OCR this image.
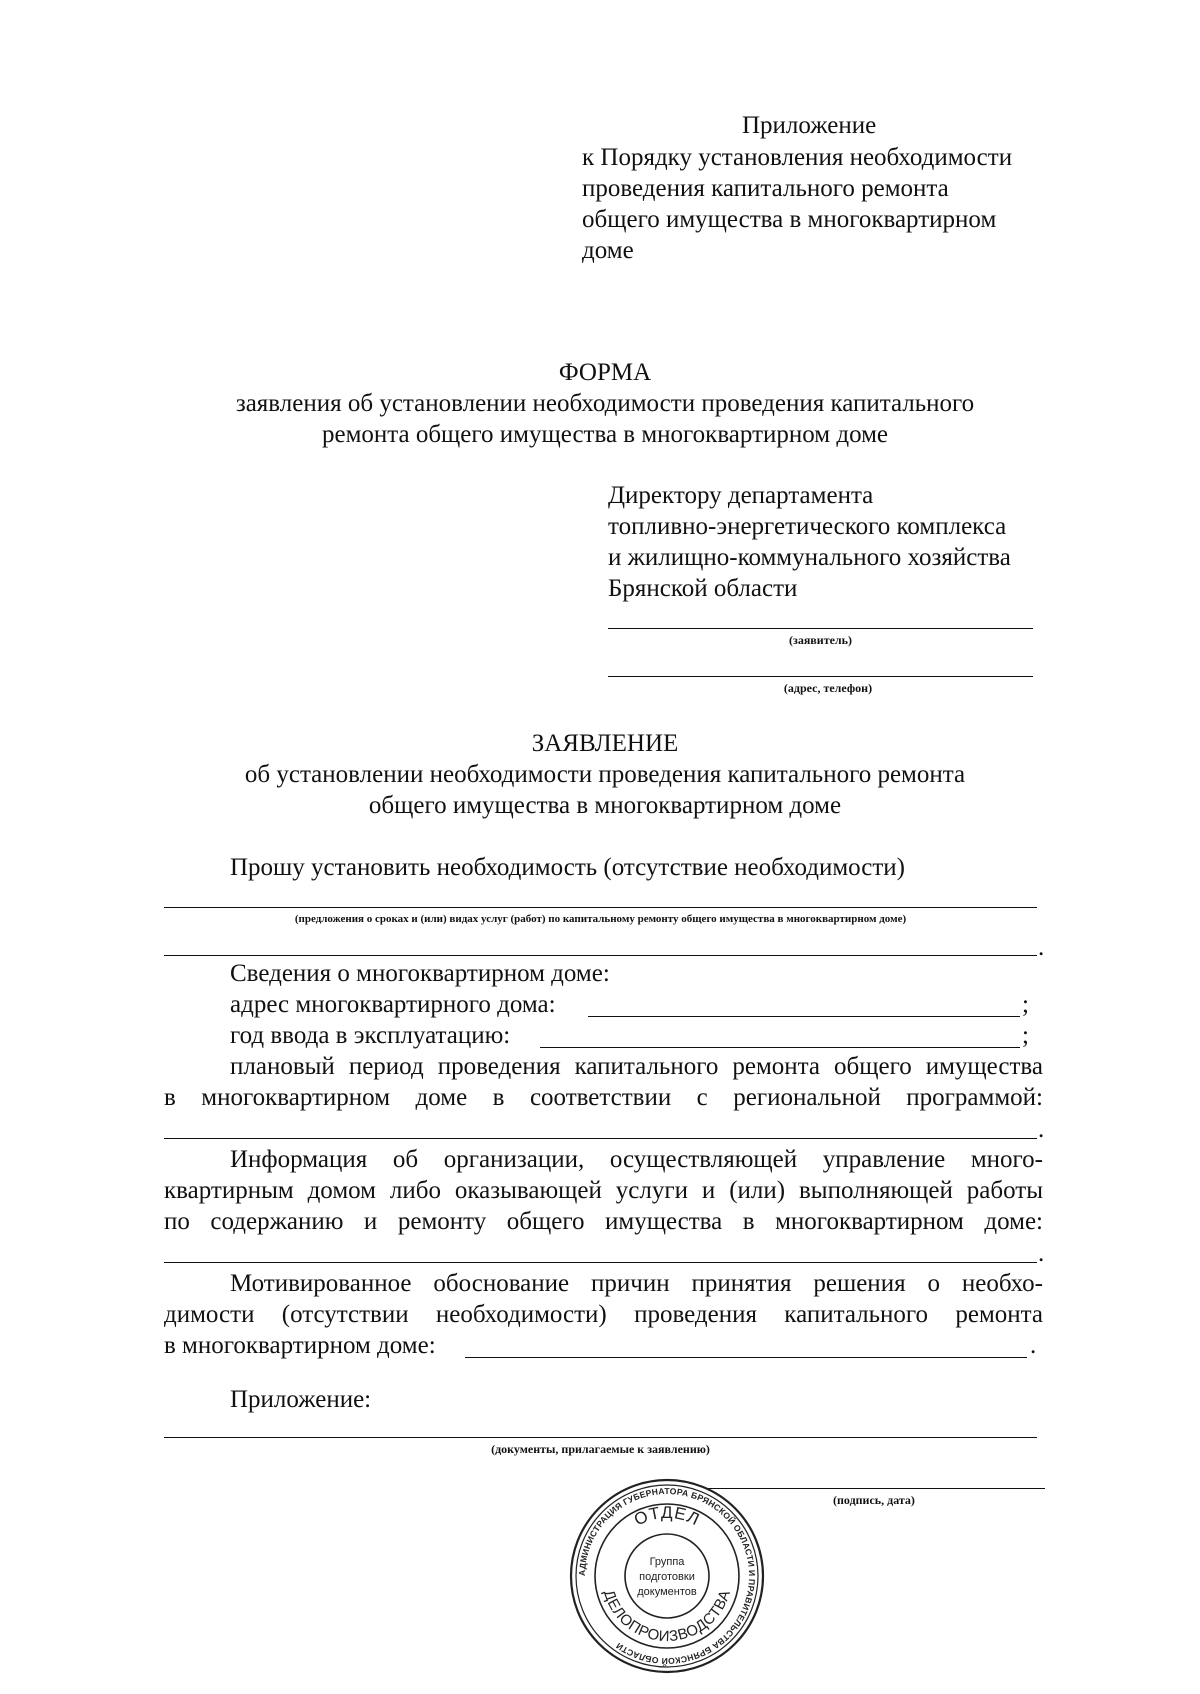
Приложение
к Порядку установления необходимости
проведения капитального ремонта
общего имущества в многоквартирном
доме
ФОРМА
заявления об установлении необходимости проведения капитального
ремонта общего имущества в многоквартирном доме
Директору департамента
топливно-энергетического комплекса
и жилищно-коммунального хозяйства
Брянской области
(заявитель)
(адрес, телефон)
ЗАЯВЛЕНИЕ
об установлении необходимости проведения капитального ремонта
общего имущества в многоквартирном доме
Прошу установить необходимость (отсутствие необходимости)
(предложения о сроках и (или) видах услуг (работ) по капитальному ремонту общего имущества в многоквартирном доме)
.
Сведения о многоквартирном доме:
адрес многоквартирного дома:	;
год ввода в эксплуатацию:	;
плановый период проведения капитального ремонта общего имущества
в многоквартирном доме в соответствии с региональной программой:
.
Информация об организации, осуществляющей управление много-
квартирным домом либо оказывающей услуги и (или) выполняющей работы
по содержанию и ремонту общего имущества в многоквартирном доме:
.
Мотивированное обоснование причин принятия решения о необхо-
димости (отсутствии необходимости) проведения капитального ремонта
в многоквартирном доме:	.
Приложение:
(документы, прилагаемые к заявлению)
(подпись, дата)
АДМИНИСТРАЦИЯ ГУБЕРНАТОРА БРЯНСКОЙ ОБЛАСТИ И ПРАВИТЕЛЬСТВА БРЯНСКОЙ ОБЛАСТИ
ОТДЕЛ
ДЕЛОПРОИЗВОДСТВА
Группа
подготовки
документов
